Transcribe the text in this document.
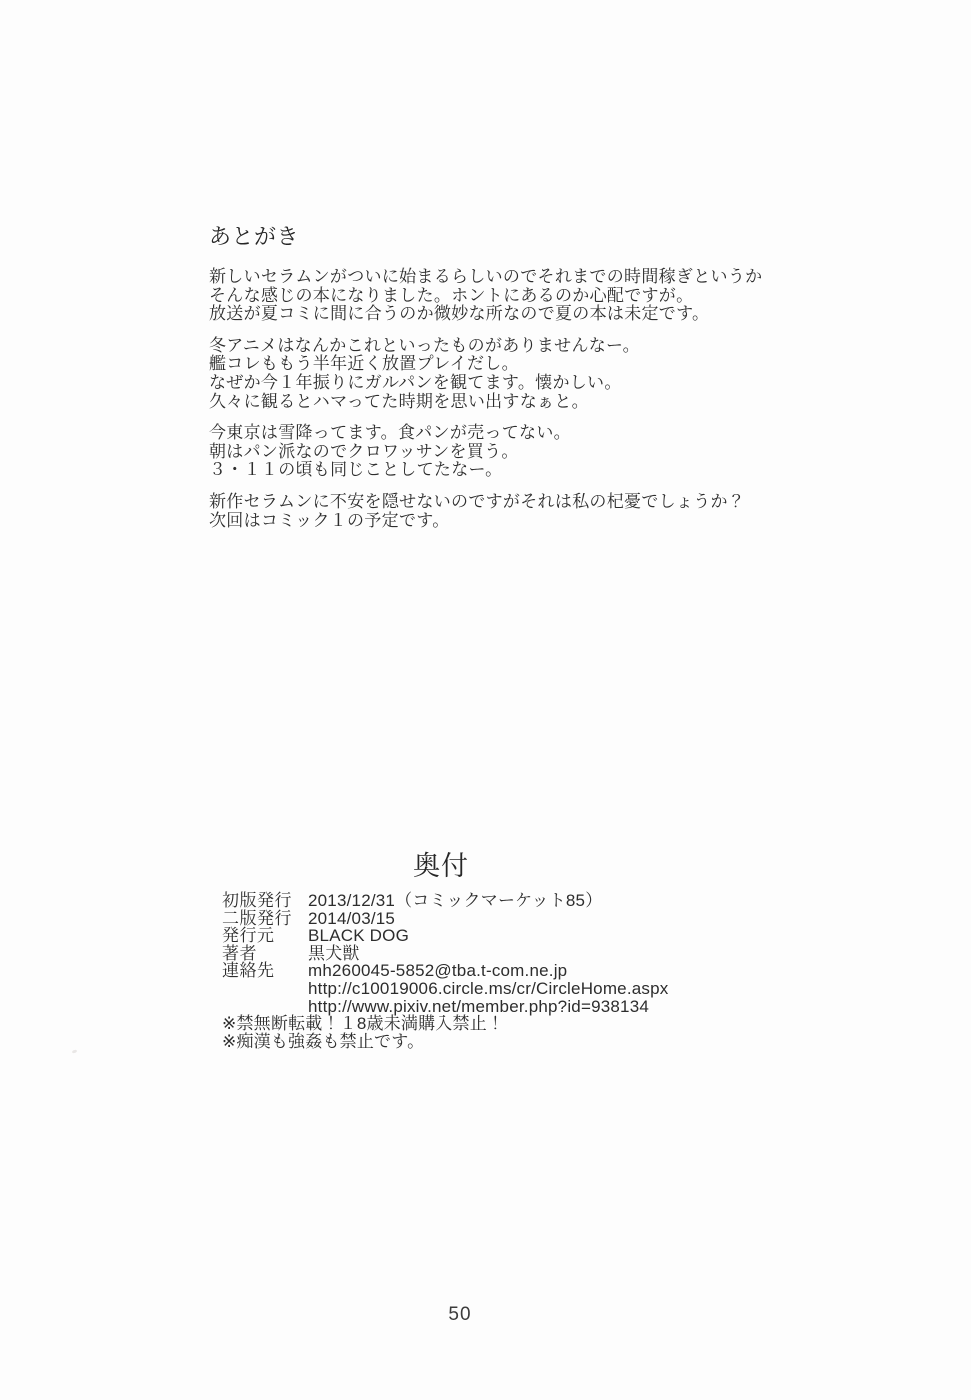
あとがき

新しいセラムンがついに始まるらしいのでそれまでの時間稼ぎというか
そんな感じの本になりました。ホントにあるのか心配ですが。
放送が夏コミに間に合うのか微妙な所なので夏の本は未定です。

冬アニメはなんかこれといったものがありませんなー。
艦コレももう半年近く放置プレイだし。
なぜか今１年振りにガルパンを観てます。懐かしい。
久々に観るとハマってた時期を思い出すなぁと。

今東京は雪降ってます。食パンが売ってない。
朝はパン派なのでクロワッサンを買う。
３・１１の頃も同じことしてたなー。

新作セラムンに不安を隠せないのですがそれは私の杞憂でしょうか？
次回はコミック１の予定です。

奥付
初版発行 2013/12/31（コミックマーケット85）
二版発行 2014/03/15
発行元	BLACK DOG
著者	黒犬獣
連絡先	mh260045-5852@tba.t-com.ne.jp
http://c10019006.circle.ms/cr/CircleHome.aspx
http://www.pixiv.net/member.php?id=938134
※禁無断転載！１8歳未満購入禁止！
※痴漢も強姦も禁止です。
50
